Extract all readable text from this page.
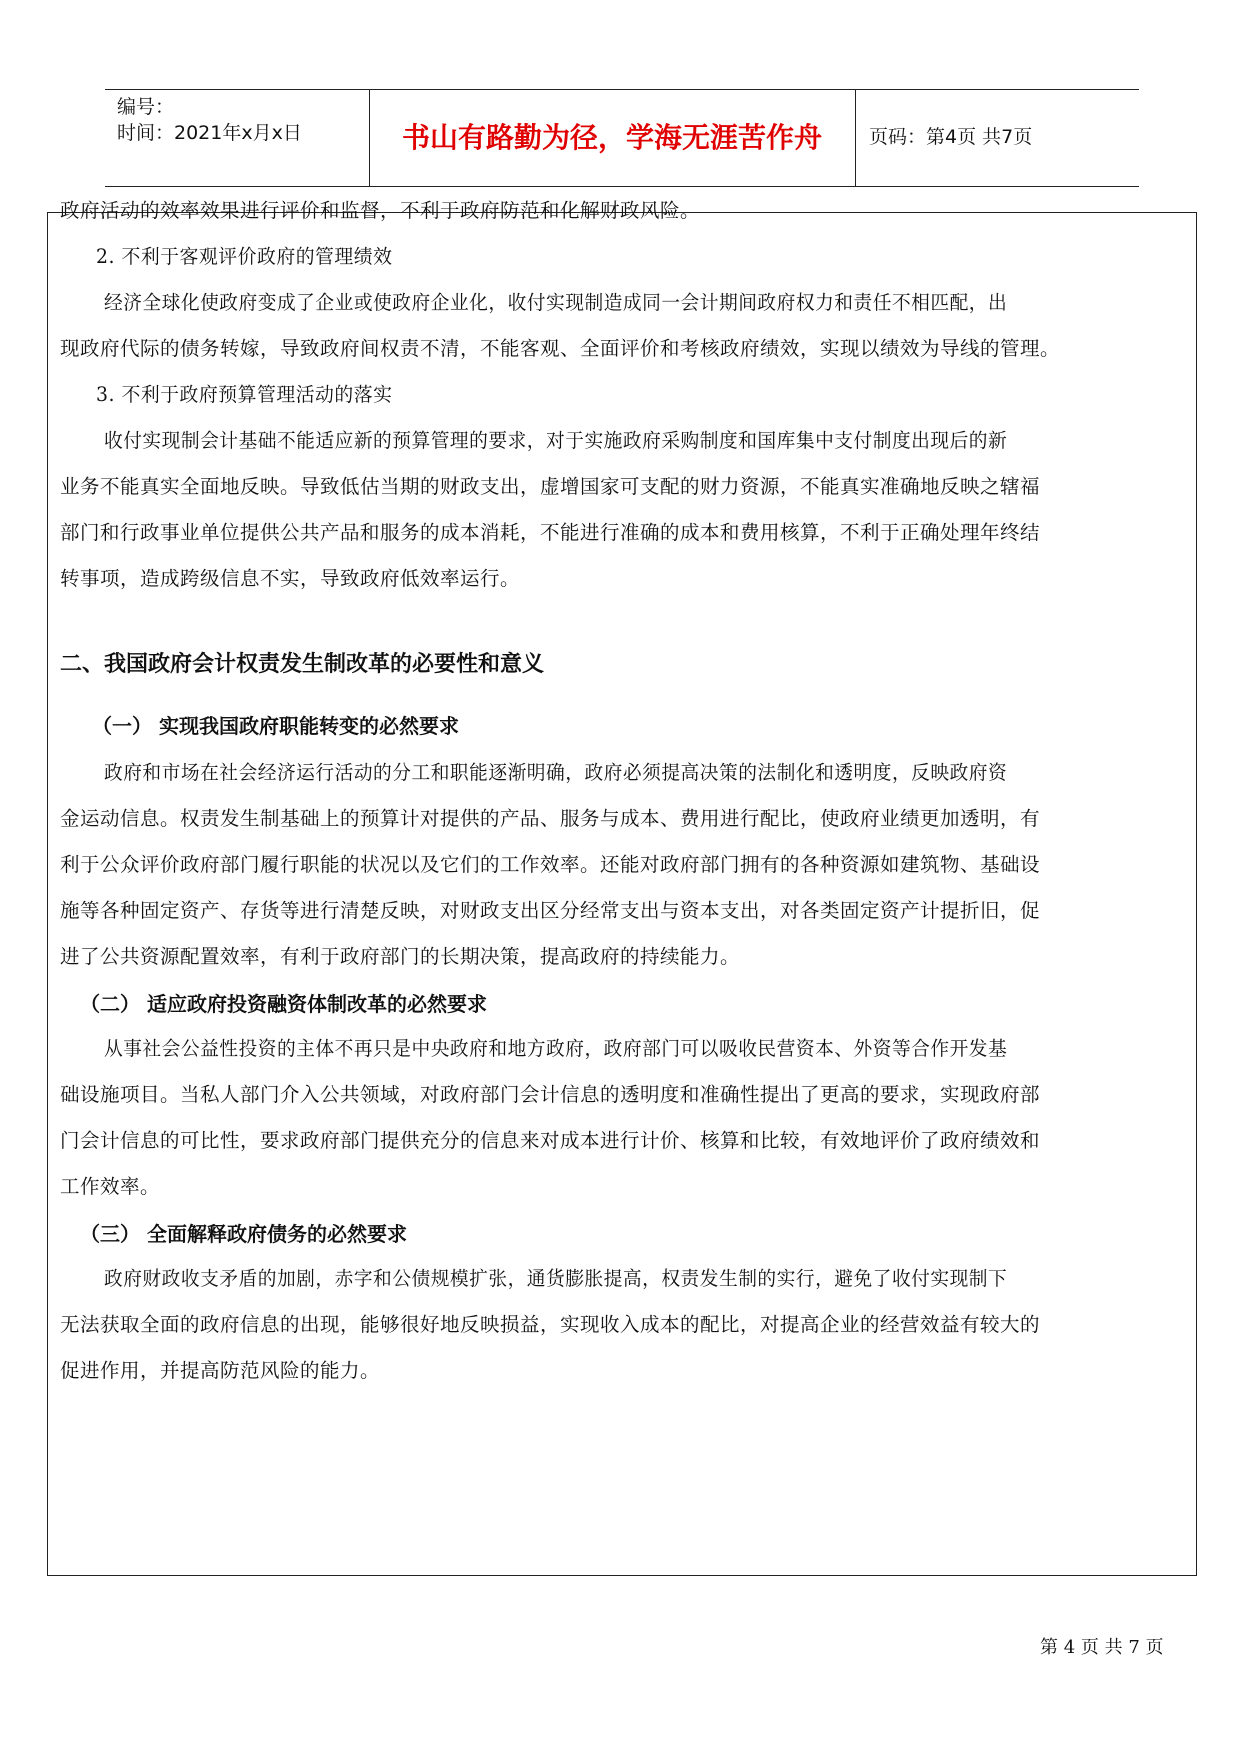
编号：
时间：2021年x月x日	书山有路勤为径，学海无涯苦作舟	页码：第4页 共7页
政府活动的效率效果进行评价和监督，不利于政府防范和化解财政风险。
2. 不利于客观评价政府的管理绩效
经济全球化使政府变成了企业或使政府企业化，收付实现制造成同一会计期间政府权力和责任不相匹配，出
现政府代际的债务转嫁，导致政府间权责不清，不能客观、全面评价和考核政府绩效，实现以绩效为导线的管理。
3. 不利于政府预算管理活动的落实
收付实现制会计基础不能适应新的预算管理的要求，对于实施政府采购制度和国库集中支付制度出现后的新
业务不能真实全面地反映。导致低估当期的财政支出，虚增国家可支配的财力资源，不能真实准确地反映之辖福
部门和行政事业单位提供公共产品和服务的成本消耗，不能进行准确的成本和费用核算，不利于正确处理年终结
转事项，造成跨级信息不实，导致政府低效率运行。
二、我国政府会计权责发生制改革的必要性和意义
（一） 实现我国政府职能转变的必然要求
政府和市场在社会经济运行活动的分工和职能逐渐明确，政府必须提高决策的法制化和透明度，反映政府资
金运动信息。权责发生制基础上的预算计对提供的产品、服务与成本、费用进行配比，使政府业绩更加透明，有
利于公众评价政府部门履行职能的状况以及它们的工作效率。还能对政府部门拥有的各种资源如建筑物、基础设
施等各种固定资产、存货等进行清楚反映，对财政支出区分经常支出与资本支出，对各类固定资产计提折旧，促
进了公共资源配置效率，有利于政府部门的长期决策，提高政府的持续能力。
（二） 适应政府投资融资体制改革的必然要求
从事社会公益性投资的主体不再只是中央政府和地方政府，政府部门可以吸收民营资本、外资等合作开发基
础设施项目。当私人部门介入公共领域，对政府部门会计信息的透明度和准确性提出了更高的要求，实现政府部
门会计信息的可比性，要求政府部门提供充分的信息来对成本进行计价、核算和比较，有效地评价了政府绩效和
工作效率。
（三） 全面解释政府债务的必然要求
政府财政收支矛盾的加剧，赤字和公债规模扩张，通货膨胀提高，权责发生制的实行，避免了收付实现制下
无法获取全面的政府信息的出现，能够很好地反映损益，实现收入成本的配比，对提高企业的经营效益有较大的
促进作用，并提高防范风险的能力。
第 4 页 共 7 页
